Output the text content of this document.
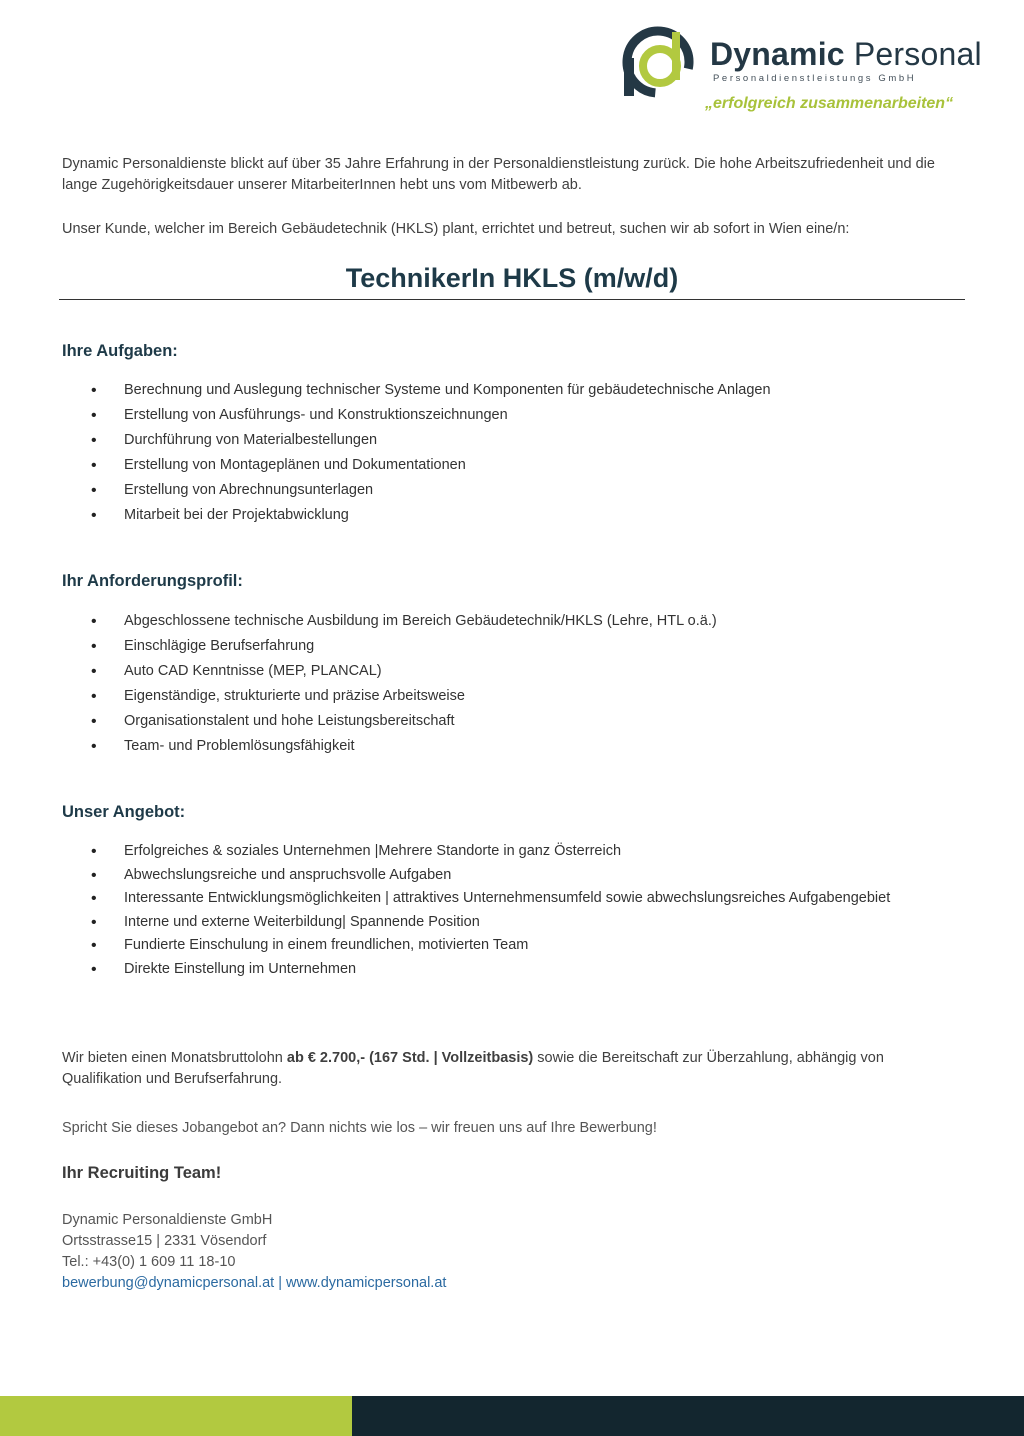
Dynamic Personal
Personaldienstleistungs GmbH
„erfolgreich zusammenarbeiten“

Dynamic Personaldienste blickt auf über 35 Jahre Erfahrung in der Personaldienstleistung zurück. Die hohe Arbeitszufriedenheit und die lange Zugehörigkeitsdauer unserer MitarbeiterInnen hebt uns vom Mitbewerb ab.

Unser Kunde, welcher im Bereich Gebäudetechnik (HKLS) plant, errichtet und betreut, suchen wir ab sofort in Wien eine/n:

TechnikerIn HKLS (m/w/d)
Ihre Aufgaben:
• Berechnung und Auslegung technischer Systeme und Komponenten für gebäudetechnische Anlagen
• Erstellung von Ausführungs- und Konstruktionszeichnungen
• Durchführung von Materialbestellungen
• Erstellung von Montageplänen und Dokumentationen
• Erstellung von Abrechnungsunterlagen
• Mitarbeit bei der Projektabwicklung
Ihr Anforderungsprofil:
• Abgeschlossene technische Ausbildung im Bereich Gebäudetechnik/HKLS (Lehre, HTL o.ä.)
• Einschlägige Berufserfahrung
• Auto CAD Kenntnisse (MEP, PLANCAL)
• Eigenständige, strukturierte und präzise Arbeitsweise
• Organisationstalent und hohe Leistungsbereitschaft
• Team- und Problemlösungsfähigkeit
Unser Angebot:
• Erfolgreiches & soziales Unternehmen |Mehrere Standorte in ganz Österreich
• Abwechslungsreiche und anspruchsvolle Aufgaben
• Interessante Entwicklungsmöglichkeiten | attraktives Unternehmensumfeld sowie abwechslungsreiches Aufgabengebiet
• Interne und externe Weiterbildung| Spannende Position
• Fundierte Einschulung in einem freundlichen, motivierten Team
• Direkte Einstellung im Unternehmen

Wir bieten einen Monatsbruttolohn ab € 2.700,- (167 Std. | Vollzeitbasis) sowie die Bereitschaft zur Überzahlung, abhängig von Qualifikation und Berufserfahrung.

Spricht Sie dieses Jobangebot an? Dann nichts wie los – wir freuen uns auf Ihre Bewerbung!

Ihr Recruiting Team!

Dynamic Personaldienste GmbH

Ortsstrasse15 | 2331 Vösendorf

Tel.: +43(0) 1 609 11 18-10

bewerbung@dynamicpersonal.at | www.dynamicpersonal.at
